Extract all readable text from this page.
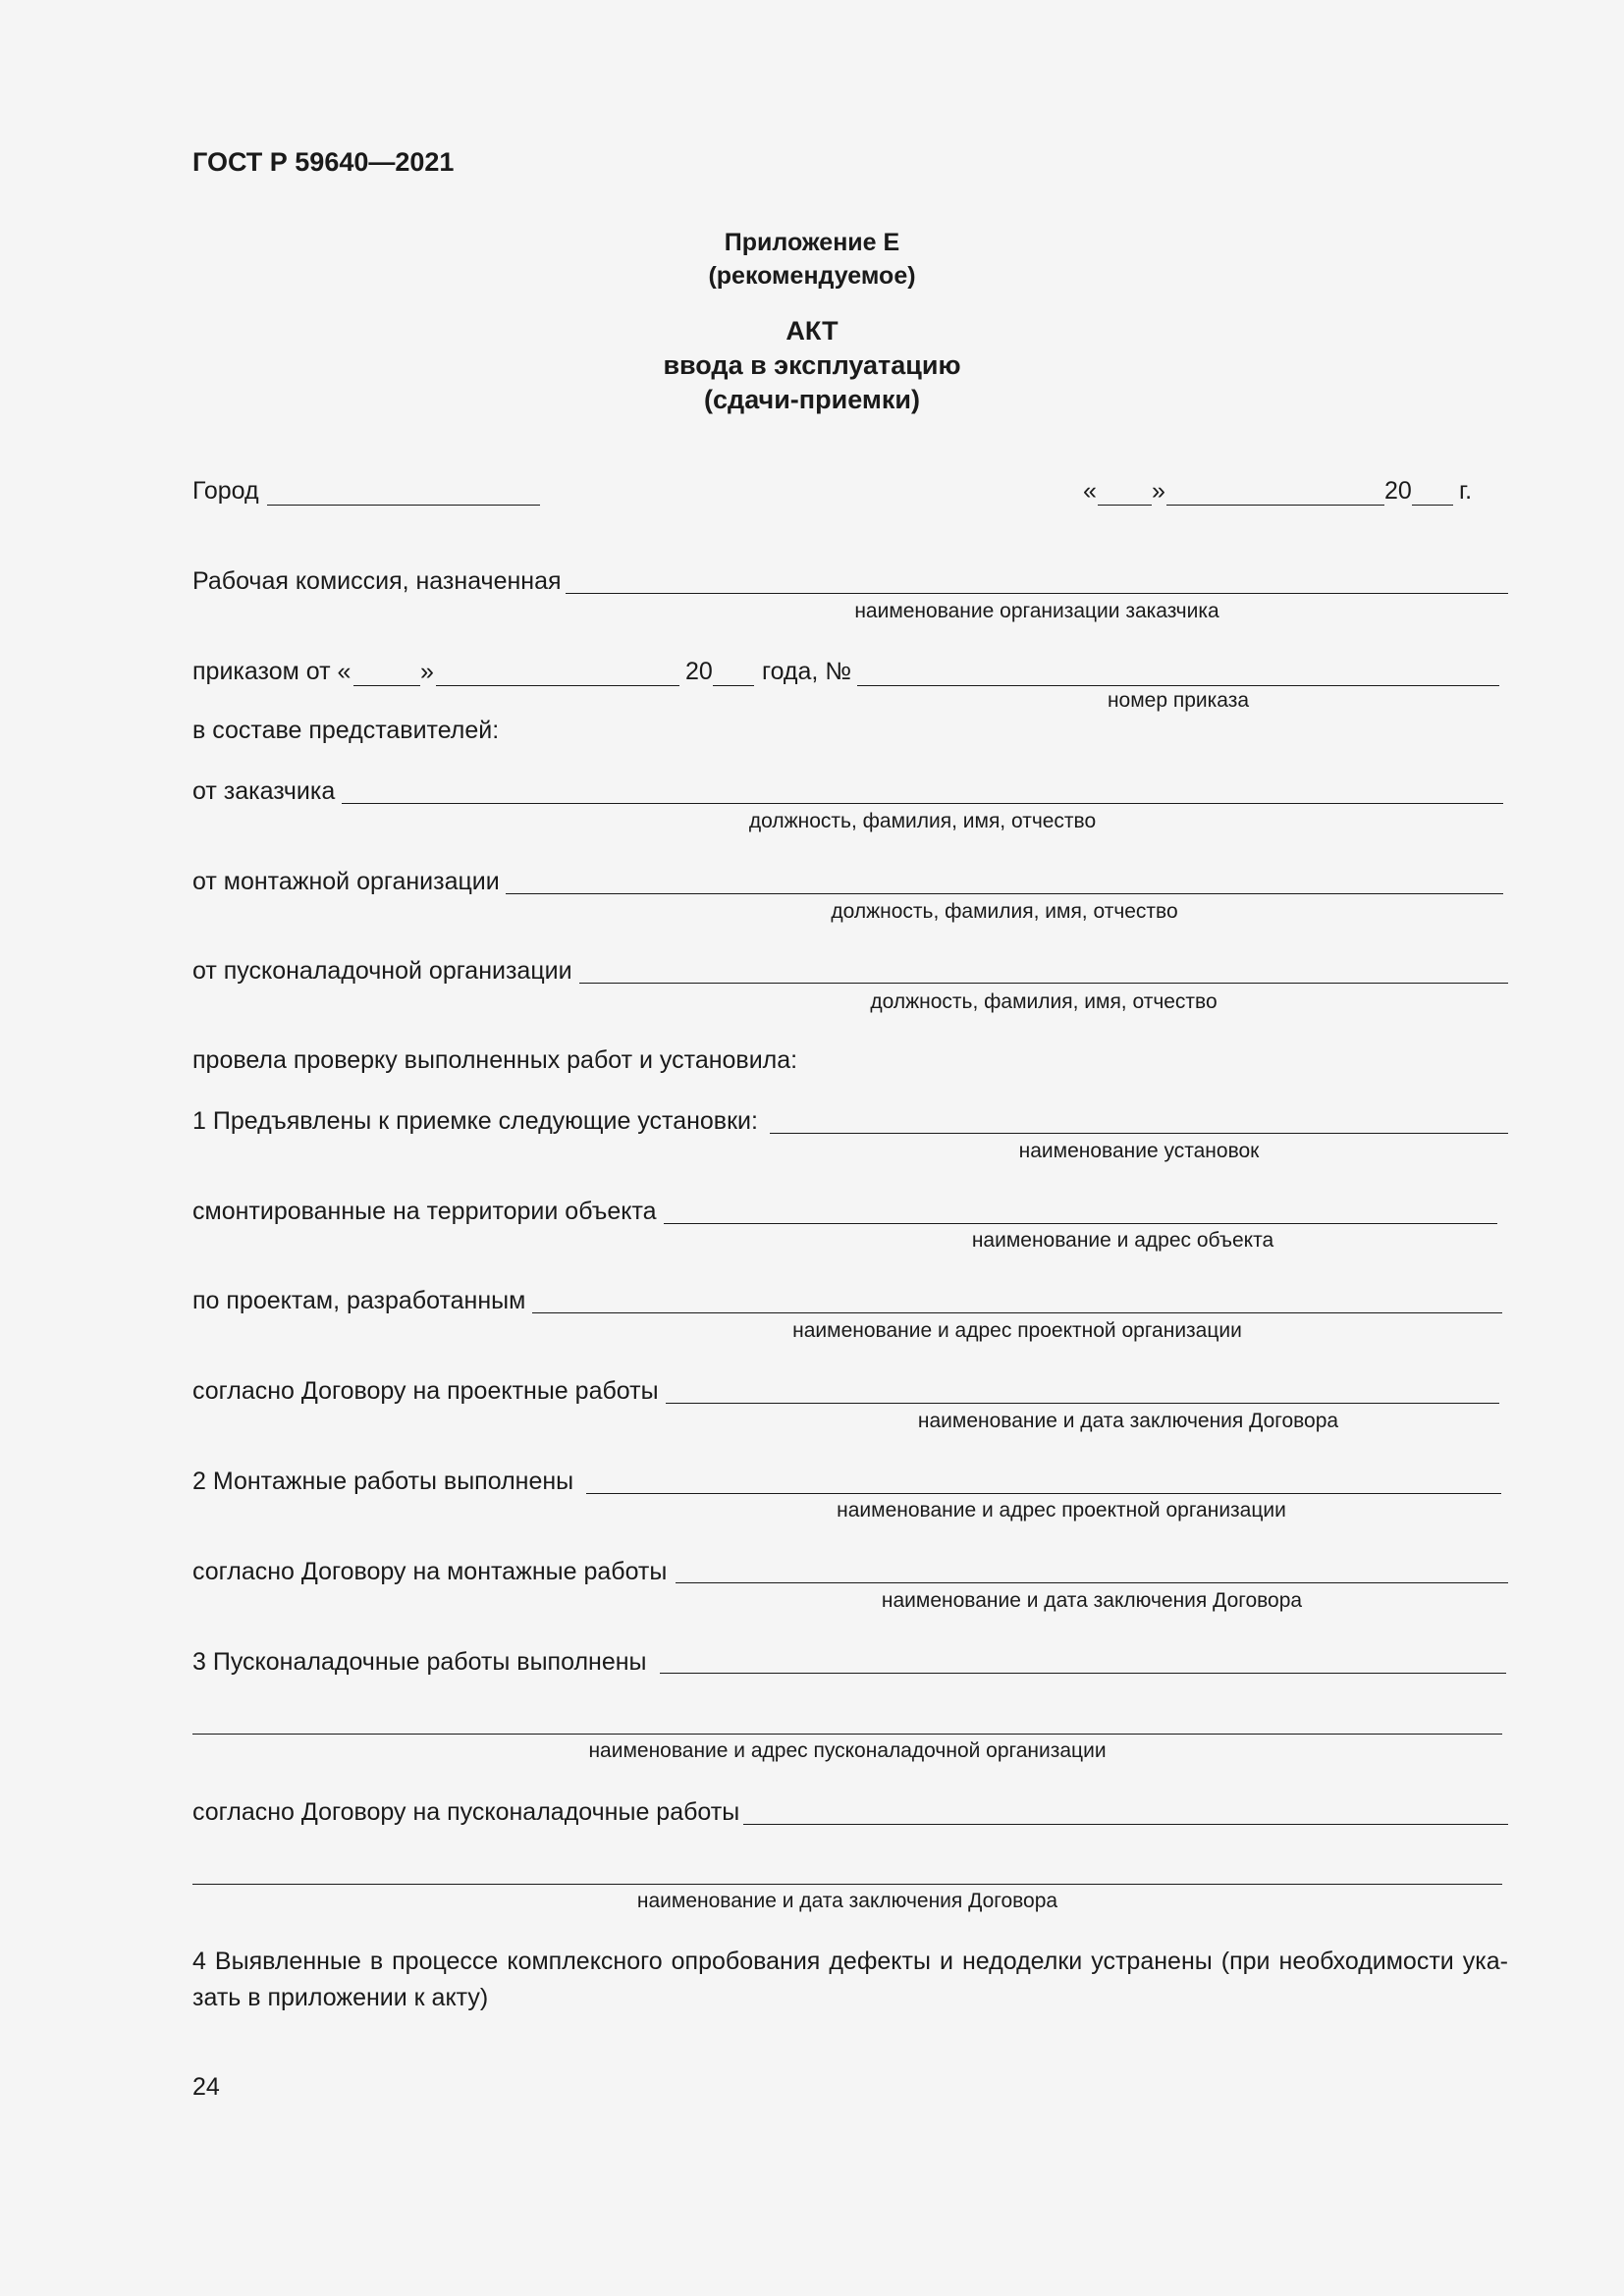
ГОСТ Р 59640—2021
Приложение Е
(рекомендуемое)
АКТ
ввода в эксплуатацию
(сдачи-приемки)
Город	« »	20 г.
Рабочая комиссия, назначенная
наименование организации заказчика
приказом от «	»	20 года, №
номер приказа
в составе представителей:
от заказчика
должность, фамилия, имя, отчество
от монтажной организации
должность, фамилия, имя, отчество
от пусконаладочной организации
должность, фамилия, имя, отчество
провела проверку выполненных работ и установила:
1 Предъявлены к приемке следующие установки:
наименование установок
смонтированные на территории объекта
наименование и адрес объекта
по проектам, разработанным
наименование и адрес проектной организации
согласно Договору на проектные работы
наименование и дата заключения Договора
2 Монтажные работы выполнены
наименование и адрес проектной организации
согласно Договору на монтажные работы
наименование и дата заключения Договора
3 Пусконаладочные работы выполнены
наименование и адрес пусконаладочной организации
согласно Договору на пусконаладочные работы
наименование и дата заключения Договора
4 Выявленные в процессе комплексного опробования дефекты и недоделки устранены (при необходимости ука-зать в приложении к акту)
24
